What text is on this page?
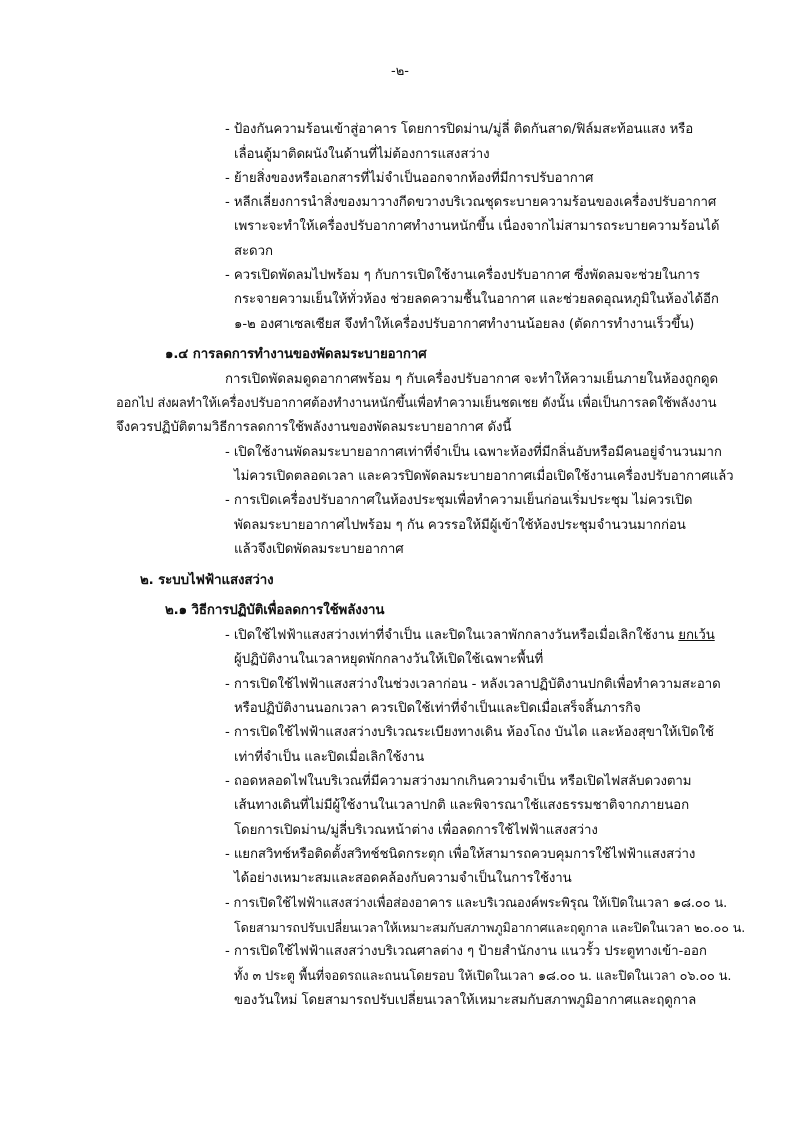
-๒-
- ป้องกันความร้อนเข้าสู่อาคาร โดยการปิดม่าน/มู่ลี่ ติดกันสาด/ฟิล์มสะท้อนแสง หรือ
เลื่อนตู้มาติดผนังในด้านที่ไม่ต้องการแสงสว่าง
- ย้ายสิ่งของหรือเอกสารที่ไม่จำเป็นออกจากห้องที่มีการปรับอากาศ
- หลีกเลี่ยงการนำสิ่งของมาวางกีดขวางบริเวณชุดระบายความร้อนของเครื่องปรับอากาศ
เพราะจะทำให้เครื่องปรับอากาศทำงานหนักขึ้น เนื่องจากไม่สามารถระบายความร้อนได้
สะดวก
- ควรเปิดพัดลมไปพร้อม ๆ กับการเปิดใช้งานเครื่องปรับอากาศ ซึ่งพัดลมจะช่วยในการ
กระจายความเย็นให้ทั่วห้อง ช่วยลดความชื้นในอากาศ และช่วยลดอุณหภูมิในห้องได้อีก
๑-๒ องศาเซลเซียส จึงทำให้เครื่องปรับอากาศทำงานน้อยลง (ตัดการทำงานเร็วขึ้น)
๑.๔ การลดการทำงานของพัดลมระบายอากาศ
การเปิดพัดลมดูดอากาศพร้อม ๆ กับเครื่องปรับอากาศ จะทำให้ความเย็นภายในห้องถูกดูด
ออกไป ส่งผลทำให้เครื่องปรับอากาศต้องทำงานหนักขึ้นเพื่อทำความเย็นชดเชย ดังนั้น เพื่อเป็นการลดใช้พลังงาน
จึงควรปฏิบัติตามวิธีการลดการใช้พลังงานของพัดลมระบายอากาศ ดังนี้
- เปิดใช้งานพัดลมระบายอากาศเท่าที่จำเป็น เฉพาะห้องที่มีกลิ่นอับหรือมีคนอยู่จำนวนมาก
ไม่ควรเปิดตลอดเวลา และควรปิดพัดลมระบายอากาศเมื่อเปิดใช้งานเครื่องปรับอากาศแล้ว
- การเปิดเครื่องปรับอากาศในห้องประชุมเพื่อทำความเย็นก่อนเริ่มประชุม ไม่ควรเปิด
พัดลมระบายอากาศไปพร้อม ๆ กัน ควรรอให้มีผู้เข้าใช้ห้องประชุมจำนวนมากก่อน
แล้วจึงเปิดพัดลมระบายอากาศ
๒. ระบบไฟฟ้าแสงสว่าง
๒.๑ วิธีการปฏิบัติเพื่อลดการใช้พลังงาน
- เปิดใช้ไฟฟ้าแสงสว่างเท่าที่จำเป็น และปิดในเวลาพักกลางวันหรือเมื่อเลิกใช้งาน ยกเว้น
ผู้ปฏิบัติงานในเวลาหยุดพักกลางวันให้เปิดใช้เฉพาะพื้นที่
- การเปิดใช้ไฟฟ้าแสงสว่างในช่วงเวลาก่อน - หลังเวลาปฏิบัติงานปกติเพื่อทำความสะอาด
หรือปฏิบัติงานนอกเวลา ควรเปิดใช้เท่าที่จำเป็นและปิดเมื่อเสร็จสิ้นภารกิจ
- การเปิดใช้ไฟฟ้าแสงสว่างบริเวณระเบียงทางเดิน ห้องโถง บันได และห้องสุขาให้เปิดใช้
เท่าที่จำเป็น และปิดเมื่อเลิกใช้งาน
- ถอดหลอดไฟในบริเวณที่มีความสว่างมากเกินความจำเป็น หรือเปิดไฟสลับดวงตาม
เส้นทางเดินที่ไม่มีผู้ใช้งานในเวลาปกติ และพิจารณาใช้แสงธรรมชาติจากภายนอก
โดยการเปิดม่าน/มู่ลี่บริเวณหน้าต่าง เพื่อลดการใช้ไฟฟ้าแสงสว่าง
- แยกสวิทช์หรือติดตั้งสวิทช์ชนิดกระตุก เพื่อให้สามารถควบคุมการใช้ไฟฟ้าแสงสว่าง
ได้อย่างเหมาะสมและสอดคล้องกับความจำเป็นในการใช้งาน
- การเปิดใช้ไฟฟ้าแสงสว่างเพื่อส่องอาคาร และบริเวณองค์พระพิรุณ ให้เปิดในเวลา ๑๘.๐๐ น.
โดยสามารถปรับเปลี่ยนเวลาให้เหมาะสมกับสภาพภูมิอากาศและฤดูกาล และปิดในเวลา ๒๐.๐๐ น.
- การเปิดใช้ไฟฟ้าแสงสว่างบริเวณศาลต่าง ๆ ป้ายสำนักงาน แนวรั้ว ประตูทางเข้า-ออก
ทั้ง ๓ ประตู พื้นที่จอดรถและถนนโดยรอบ ให้เปิดในเวลา ๑๘.๐๐ น. และปิดในเวลา ๐๖.๐๐ น.
ของวันใหม่ โดยสามารถปรับเปลี่ยนเวลาให้เหมาะสมกับสภาพภูมิอากาศและฤดูกาล
